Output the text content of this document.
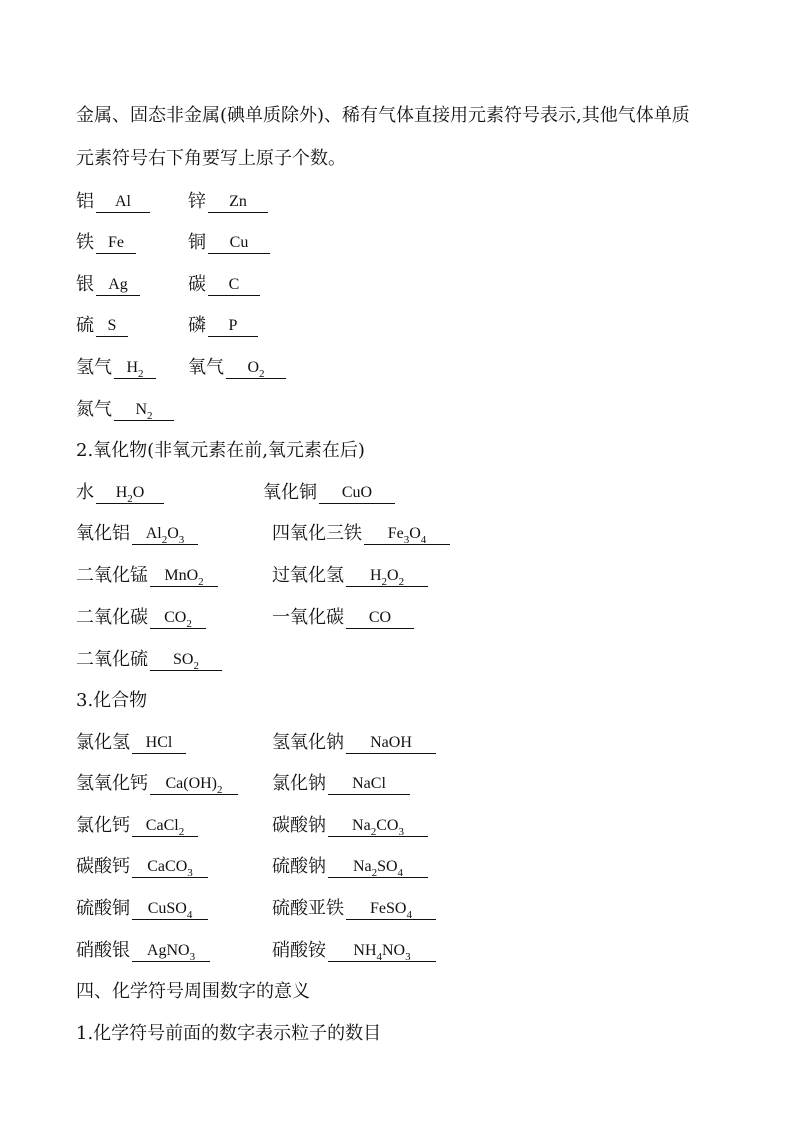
金属、固态非金属(碘单质除外)、稀有气体直接用元素符号表示,其他气体单质
元素符号右下角要写上原子个数。
铝	Al	锌	Zn
铁 Fe	铜	Cu
银 Ag	碳	C
硫 S	磷	P
氢气 $H_2$	氧气	$O_2$
氮气	$N_2$
2.氧化物(非氧元素在前,氧元素在后)
水	$H_2O$	氧化铜	CuO
氧化铝 $Al_2O_3$	四氧化三铁	$Fe_3O_4$
二氧化锰	MnO$_2$	过氧化氢	$H_2O_2$
二氧化碳	$CO_2$	一氧化碳	CO
二氧化硫	$SO_2$
3.化合物
氯化氢 HCl	氢氧化钠	NaOH
氢氧化钙	$Ca(OH)_2$	氯化钠	NaCl
氯化钙 CaCl$_2$	碳酸钠	$Na_2CO_3$
碳酸钙	CaCO$_3$	硫酸钠	$Na_2SO_4$
硫酸铜	CuSO$_4$	硫酸亚铁	FeSO$_4$
硝酸银	AgNO$_3$	硝酸铵	$NH_4NO_3$
四、化学符号周围数字的意义
1.化学符号前面的数字表示粒子的数目
